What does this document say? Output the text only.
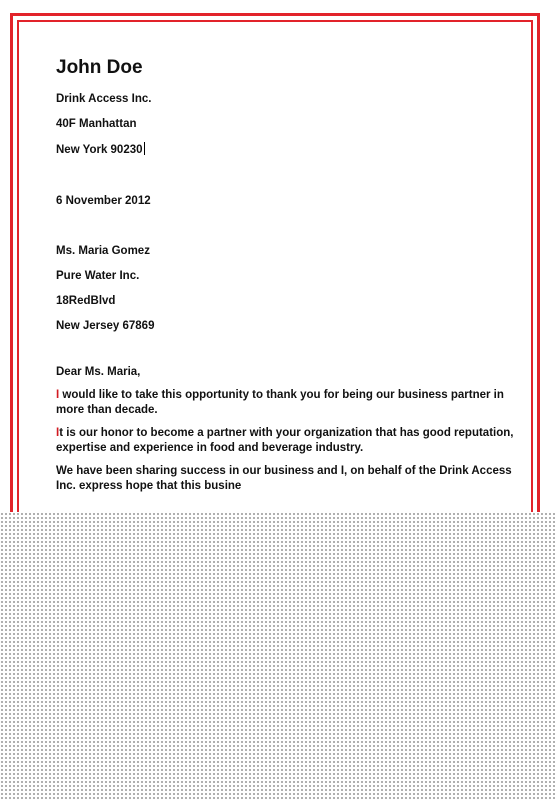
John Doe
Drink Access Inc.
40F Manhattan
New York 90230
6 November 2012
Ms. Maria Gomez
Pure Water Inc.
18RedBlvd
New Jersey 67869
Dear Ms. Maria,

I would like to take this opportunity to thank you for being our business partner in more than decade.

It is our honor to become a partner with your organization that has good reputation, expertise and experience in food and beverage industry.

We have been sharing success in our business and I, on behalf of the Drink Access Inc. express hope that this busine
